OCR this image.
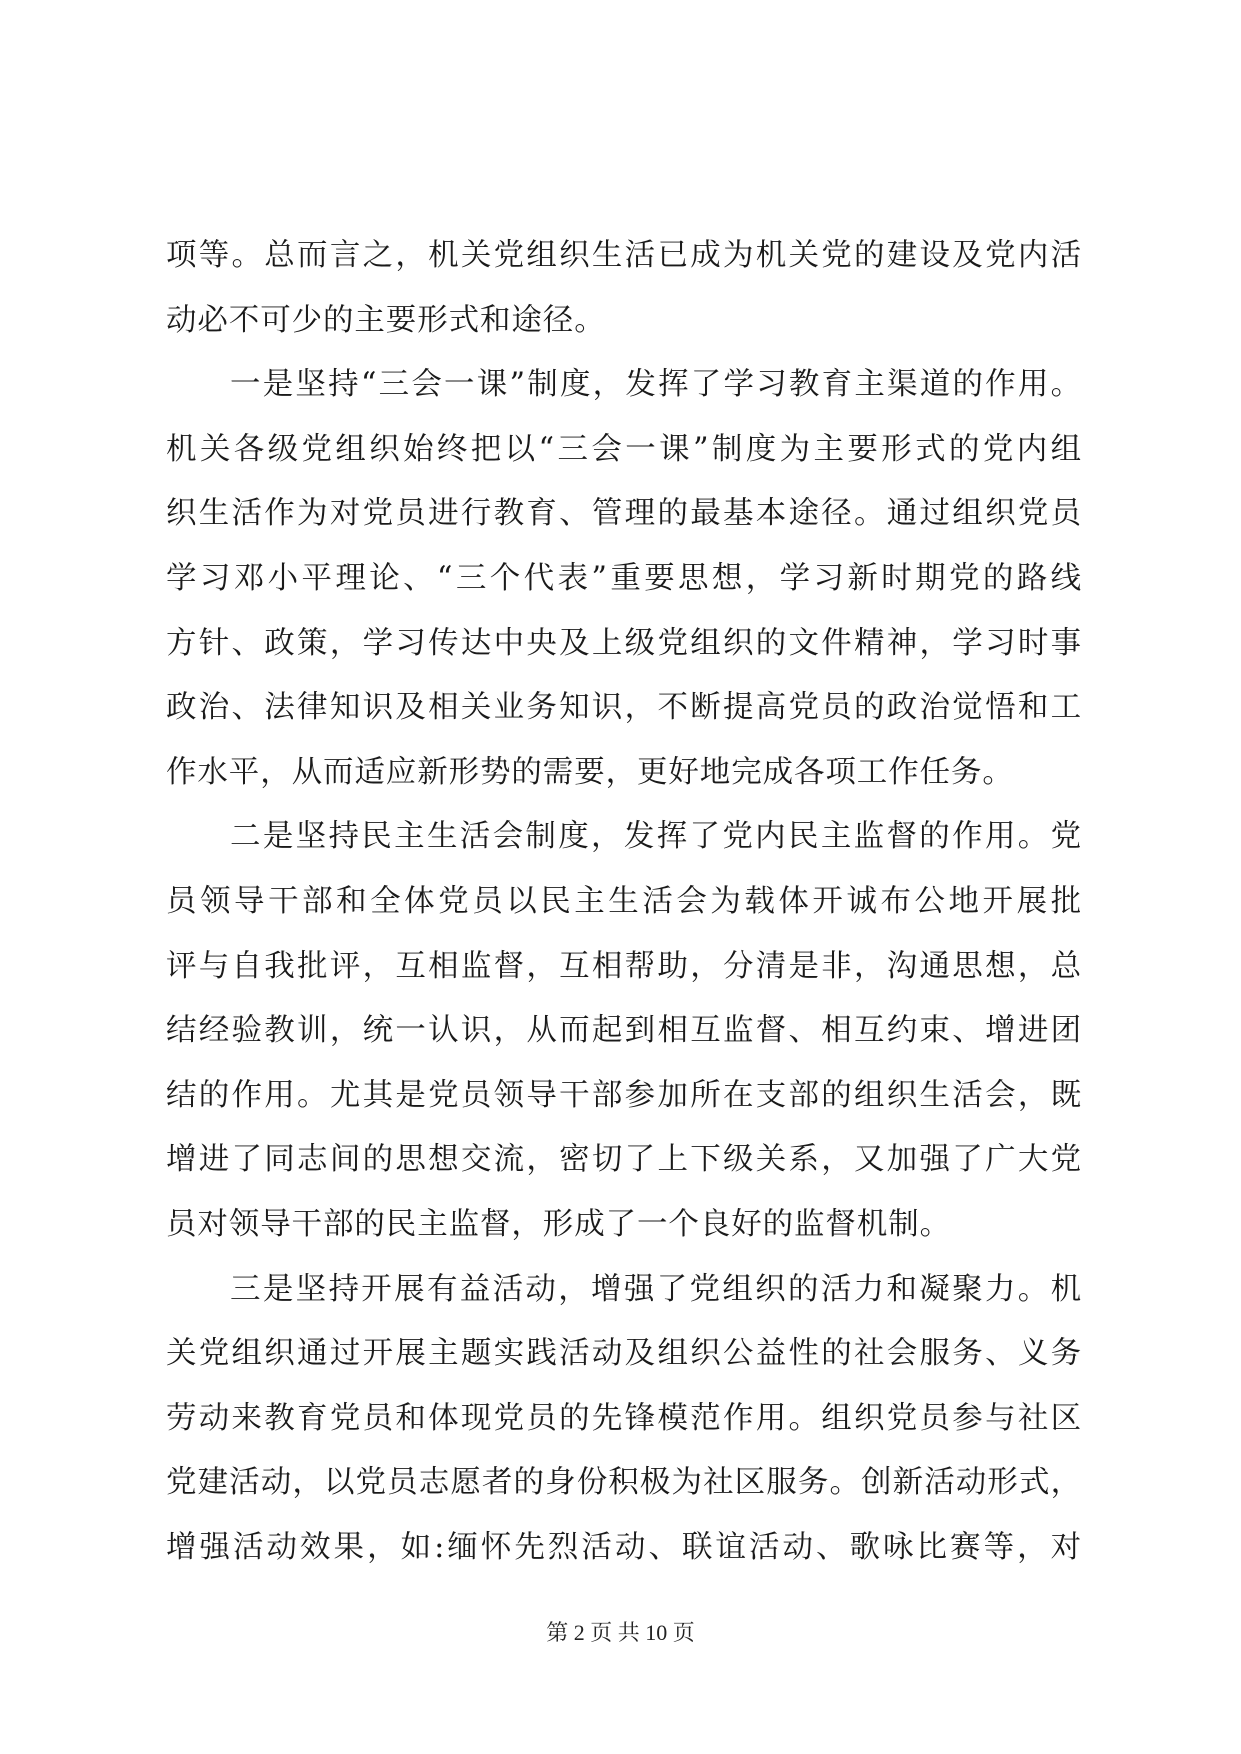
项等。总而言之，机关党组织生活已成为机关党的建设及党内活
动必不可少的主要形式和途径。
一是坚持“三会一课”制度，发挥了学习教育主渠道的作用。
机关各级党组织始终把以“三会一课”制度为主要形式的党内组
织生活作为对党员进行教育、管理的最基本途径。通过组织党员
学习邓小平理论、“三个代表”重要思想，学习新时期党的路线
方针、政策，学习传达中央及上级党组织的文件精神，学习时事
政治、法律知识及相关业务知识，不断提高党员的政治觉悟和工
作水平，从而适应新形势的需要，更好地完成各项工作任务。
二是坚持民主生活会制度，发挥了党内民主监督的作用。党
员领导干部和全体党员以民主生活会为载体开诚布公地开展批
评与自我批评，互相监督，互相帮助，分清是非，沟通思想，总
结经验教训，统一认识，从而起到相互监督、相互约束、增进团
结的作用。尤其是党员领导干部参加所在支部的组织生活会，既
增进了同志间的思想交流，密切了上下级关系，又加强了广大党
员对领导干部的民主监督，形成了一个良好的监督机制。
三是坚持开展有益活动，增强了党组织的活力和凝聚力。机
关党组织通过开展主题实践活动及组织公益性的社会服务、义务
劳动来教育党员和体现党员的先锋模范作用。组织党员参与社区
党建活动，以党员志愿者的身份积极为社区服务。创新活动形式，
增强活动效果，如:缅怀先烈活动、联谊活动、歌咏比赛等，对
第 2 页 共 10 页
